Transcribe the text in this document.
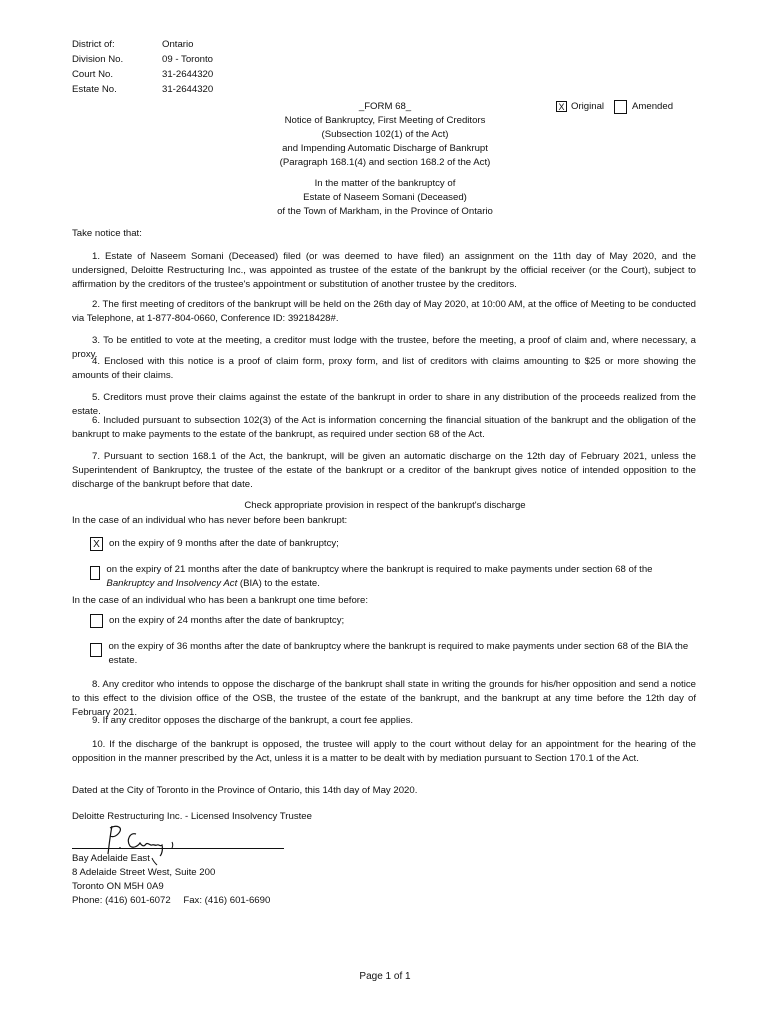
District of:	Ontario
Division No.	09 - Toronto
Court No.	31-2644320
Estate No.	31-2644320
X Original	Amended
_FORM 68_
Notice of Bankruptcy, First Meeting of Creditors
(Subsection 102(1) of the Act)
and Impending Automatic Discharge of Bankrupt
(Paragraph 168.1(4) and section 168.2 of the Act)
In the matter of the bankruptcy of
Estate of Naseem Somani (Deceased)
of the Town of Markham, in the Province of Ontario
Take notice that:

1. Estate of Naseem Somani (Deceased) filed (or was deemed to have filed) an assignment on the 11th day of May 2020, and the undersigned, Deloitte Restructuring Inc., was appointed as trustee of the estate of the bankrupt by the official receiver (or the Court), subject to affirmation by the creditors of the trustee's appointment or substitution of another trustee by the creditors.

2. The first meeting of creditors of the bankrupt will be held on the 26th day of May 2020, at 10:00 AM, at the office of Meeting to be conducted via Telephone, at 1-877-804-0660, Conference ID: 39218428#.

3. To be entitled to vote at the meeting, a creditor must lodge with the trustee, before the meeting, a proof of claim and, where necessary, a proxy.

4. Enclosed with this notice is a proof of claim form, proxy form, and list of creditors with claims amounting to $25 or more showing the amounts of their claims.

5. Creditors must prove their claims against the estate of the bankrupt in order to share in any distribution of the proceeds realized from the estate.

6. Included pursuant to subsection 102(3) of the Act is information concerning the financial situation of the bankrupt and the obligation of the bankrupt to make payments to the estate of the bankrupt, as required under section 68 of the Act.

7. Pursuant to section 168.1 of the Act, the bankrupt, will be given an automatic discharge on the 12th day of February 2021, unless the Superintendent of Bankruptcy, the trustee of the estate of the bankrupt or a creditor of the bankrupt gives notice of intended opposition to the discharge of the bankrupt before that date.

Check appropriate provision in respect of the bankrupt's discharge
In the case of an individual who has never before been bankrupt:
X on the expiry of 9 months after the date of bankruptcy;
on the expiry of 21 months after the date of bankruptcy where the bankrupt is required to make payments under section 68 of the Bankruptcy and Insolvency Act (BIA) to the estate.
In the case of an individual who has been a bankrupt one time before:
on the expiry of 24 months after the date of bankruptcy;
on the expiry of 36 months after the date of bankruptcy where the bankrupt is required to make payments under section 68 of the BIA the estate.

8. Any creditor who intends to oppose the discharge of the bankrupt shall state in writing the grounds for his/her opposition and send a notice to this effect to the division office of the OSB, the trustee of the estate of the bankrupt, and the bankrupt at any time before the 12th day of February 2021.

9. If any creditor opposes the discharge of the bankrupt, a court fee applies.

10. If the discharge of the bankrupt is opposed, the trustee will apply to the court without delay for an appointment for the hearing of the opposition in the manner prescribed by the Act, unless it is a matter to be dealt with by mediation pursuant to Section 170.1 of the Act.

Dated at the City of Toronto in the Province of Ontario, this 14th day of May 2020.
Deloitte Restructuring Inc. - Licensed Insolvency Trustee
Bay Adelaide East
8 Adelaide Street West, Suite 200
Toronto ON M5H 0A9
Phone: (416) 601-6072 Fax: (416) 601-6690
Page 1 of 1
